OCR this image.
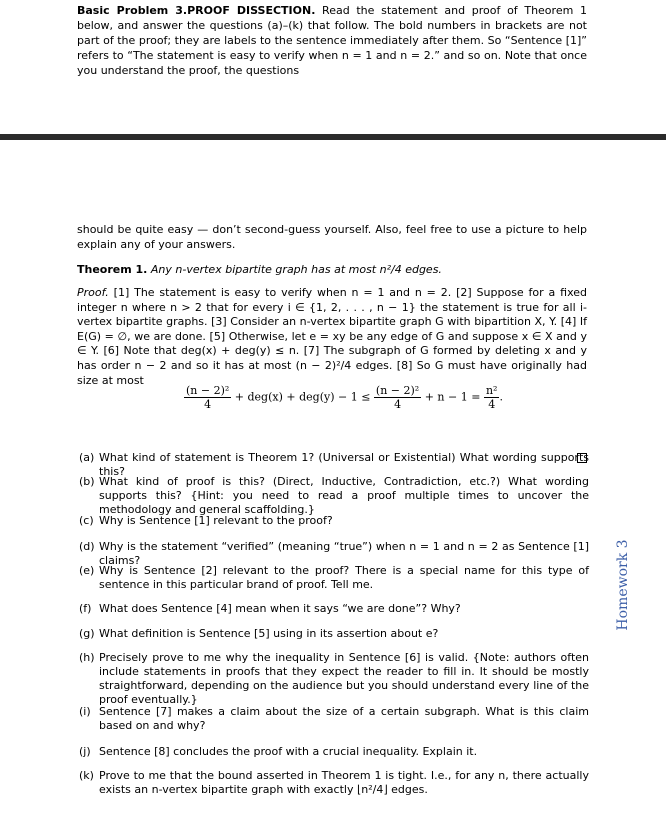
Basic Problem 3.PROOF DISSECTION. Read the statement and proof of Theorem 1 below, and answer the questions (a)–(k) that follow. The bold numbers in brackets are not part of the proof; they are labels to the sentence immediately after them. So “Sentence [1]” refers to “The statement is easy to verify when n = 1 and n = 2.” and so on. Note that once you understand the proof, the questions
should be quite easy — don’t second-guess yourself. Also, feel free to use a picture to help explain any of your answers.
Theorem 1. Any n-vertex bipartite graph has at most n²/4 edges.
Proof. [1] The statement is easy to verify when n = 1 and n = 2. [2] Suppose for a fixed integer n where n > 2 that for every i ∈ {1, 2, . . . , n − 1} the statement is true for all i-vertex bipartite graphs. [3] Consider an n-vertex bipartite graph G with bipartition X, Y. [4] If E(G) = ∅, we are done. [5] Otherwise, let e = xy be any edge of G and suppose x ∈ X and y ∈ Y. [6] Note that deg(x) + deg(y) ≤ n. [7] The subgraph of G formed by deleting x and y has order n − 2 and so it has at most (n − 2)²/4 edges. [8] So G must have originally had size at most
$\frac{\text{(n − 2)²}}{4} + deg(x) + deg(y) - 1 \le \frac{\text{(n − 2)²}}{4} + n - 1 = \frac{\text{n²}}{4}$ .
(a) What kind of statement is Theorem 1? (Universal or Existential) What wording supports this?
(b) What kind of proof is this? (Direct, Inductive, Contradiction, etc.?) What wording supports this? {Hint: you need to read a proof multiple times to uncover the methodology and general scaffolding.}
(c) Why is Sentence [1] relevant to the proof?
(d) Why is the statement “verified” (meaning “true”) when n = 1 and n = 2 as Sentence [1] claims?
(e) Why is Sentence [2] relevant to the proof? There is a special name for this type of sentence in this particular brand of proof. Tell me.
(f) What does Sentence [4] mean when it says “we are done”? Why?
(g) What definition is Sentence [5] using in its assertion about e?
(h) Precisely prove to me why the inequality in Sentence [6] is valid. {Note: authors often include statements in proofs that they expect the reader to fill in. It should be mostly straightforward, depending on the audience but you should understand every line of the proof eventually.}
(i) Sentence [7] makes a claim about the size of a certain subgraph. What is this claim based on and why?
(j) Sentence [8] concludes the proof with a crucial inequality. Explain it.
(k) Prove to me that the bound asserted in Theorem 1 is tight. I.e., for any n, there actually exists an n-vertex bipartite graph with exactly ⌊n²/4⌋ edges.
Homework 3
